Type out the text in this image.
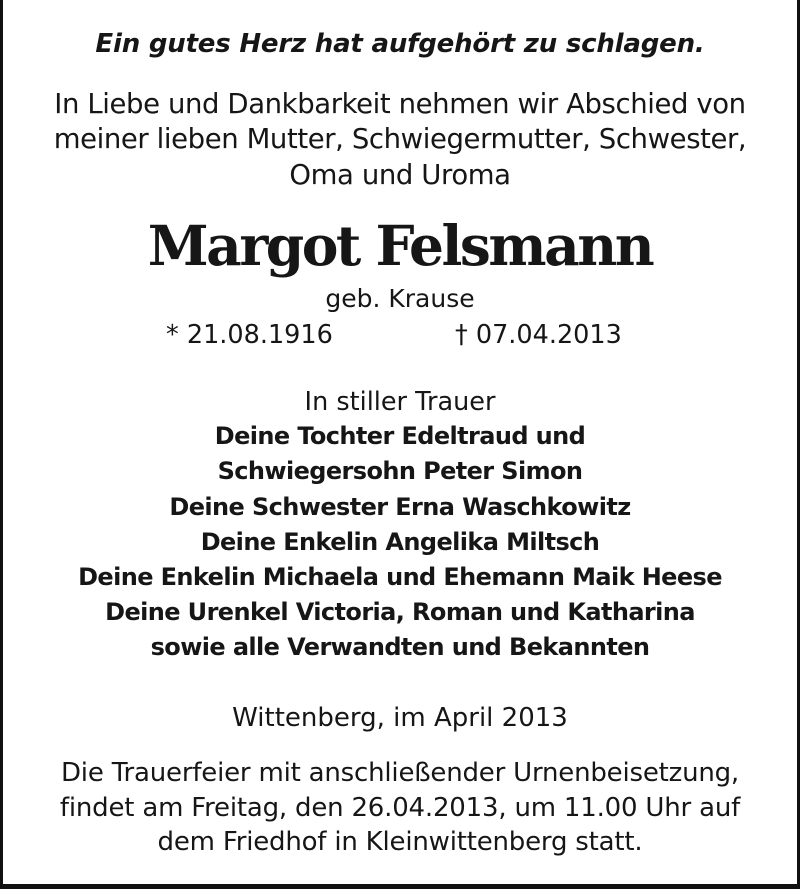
Ein gutes Herz hat aufgehört zu schlagen.
In Liebe und Dankbarkeit nehmen wir Abschied von
meiner lieben Mutter, Schwiegermutter, Schwester,
Oma und Uroma
Margot Felsmann
geb. Krause
* 21.08.1916	† 07.04.2013
In stiller Trauer
Deine Tochter Edeltraud und
Schwiegersohn Peter Simon
Deine Schwester Erna Waschkowitz
Deine Enkelin Angelika Miltsch
Deine Enkelin Michaela und Ehemann Maik Heese
Deine Urenkel Victoria, Roman und Katharina
sowie alle Verwandten und Bekannten
Wittenberg, im April 2013
Die Trauerfeier mit anschließender Urnenbeisetzung,
findet am Freitag, den 26.04.2013, um 11.00 Uhr auf
dem Friedhof in Kleinwittenberg statt.
